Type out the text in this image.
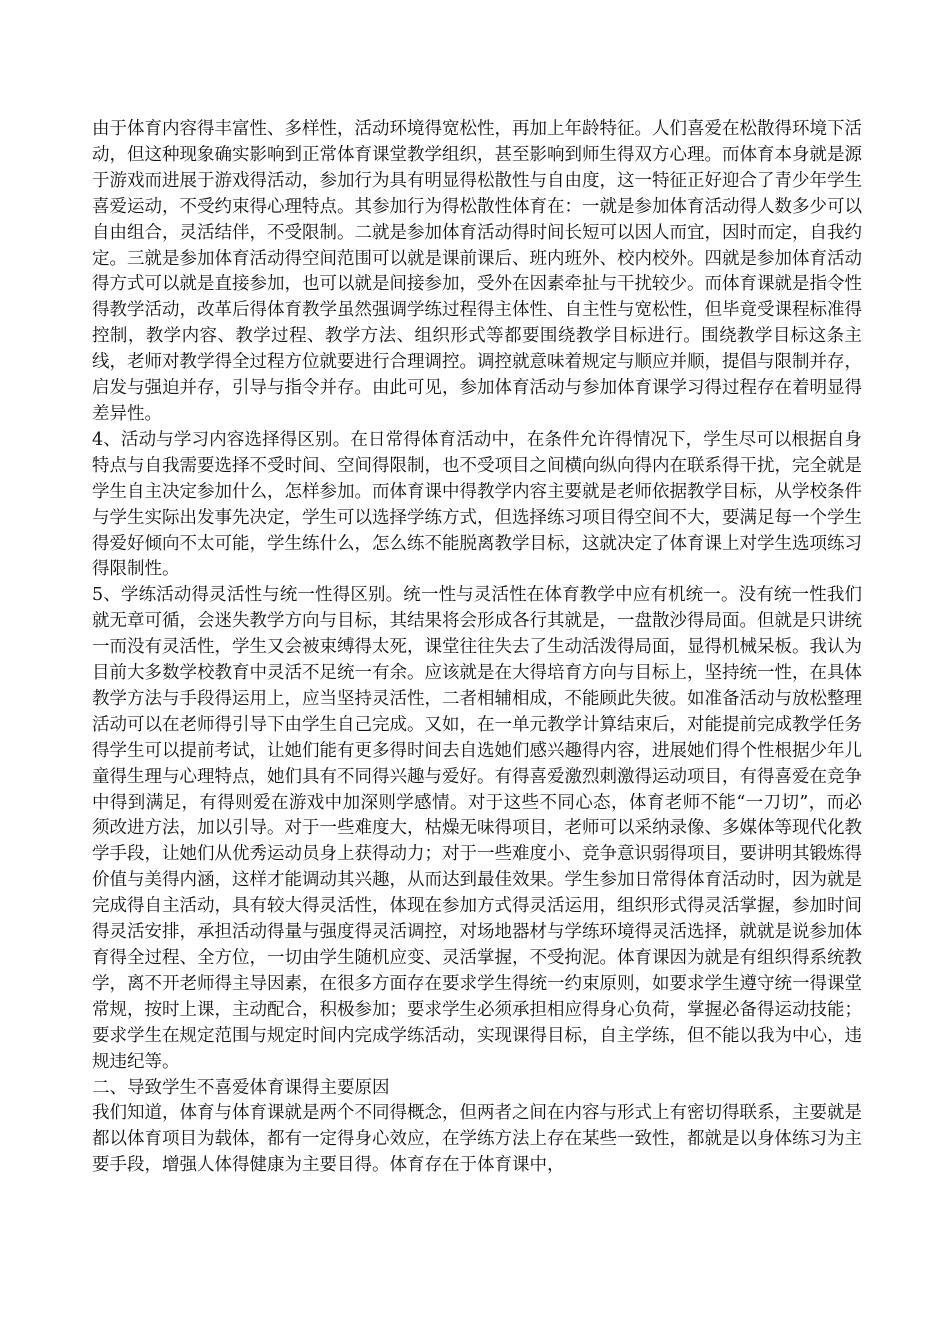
由于体育内容得丰富性、多样性，活动环境得宽松性，再加上年龄特征。人们喜爱在松散得环境下活动，但这种现象确实影响到正常体育课堂教学组织，甚至影响到师生得双方心理。而体育本身就是源于游戏而进展于游戏得活动，参加行为具有明显得松散性与自由度，这一特征正好迎合了青少年学生喜爱运动，不受约束得心理特点。其参加行为得松散性体育在：一就是参加体育活动得人数多少可以自由组合，灵活结伴，不受限制。二就是参加体育活动得时间长短可以因人而宜，因时而定，自我约定。三就是参加体育活动得空间范围可以就是课前课后、班内班外、校内校外。四就是参加体育活动得方式可以就是直接参加，也可以就是间接参加，受外在因素牵扯与干扰较少。而体育课就是指令性得教学活动，改革后得体育教学虽然强调学练过程得主体性、自主性与宽松性，但毕竟受课程标准得控制，教学内容、教学过程、教学方法、组织形式等都要围绕教学目标进行。围绕教学目标这条主线，老师对教学得全过程方位就要进行合理调控。调控就意味着规定与顺应并顺，提倡与限制并存，启发与强迫并存，引导与指令并存。由此可见，参加体育活动与参加体育课学习得过程存在着明显得差异性。

4、活动与学习内容选择得区别。在日常得体育活动中，在条件允许得情况下，学生尽可以根据自身特点与自我需要选择不受时间、空间得限制，也不受项目之间横向纵向得内在联系得干扰，完全就是学生自主决定参加什么，怎样参加。而体育课中得教学内容主要就是老师依据教学目标，从学校条件与学生实际出发事先决定，学生可以选择学练方式，但选择练习项目得空间不大，要满足每一个学生得爱好倾向不太可能，学生练什么，怎么练不能脱离教学目标，这就决定了体育课上对学生选项练习得限制性。

5、学练活动得灵活性与统一性得区别。统一性与灵活性在体育教学中应有机统一。没有统一性我们就无章可循，会迷失教学方向与目标，其结果将会形成各行其就是，一盘散沙得局面。但就是只讲统一而没有灵活性，学生又会被束缚得太死，课堂往往失去了生动活泼得局面，显得机械呆板。我认为目前大多数学校教育中灵活不足统一有余。应该就是在大得培育方向与目标上，坚持统一性，在具体教学方法与手段得运用上，应当坚持灵活性，二者相辅相成，不能顾此失彼。如准备活动与放松整理活动可以在老师得引导下由学生自己完成。又如，在一单元教学计算结束后，对能提前完成教学任务得学生可以提前考试，让她们能有更多得时间去自选她们感兴趣得内容，进展她们得个性根据少年儿童得生理与心理特点，她们具有不同得兴趣与爱好。有得喜爱激烈刺激得运动项目，有得喜爱在竞争中得到满足，有得则爱在游戏中加深则学感情。对于这些不同心态，体育老师不能“一刀切”，而必须改进方法，加以引导。对于一些难度大，枯燥无味得项目，老师可以采纳录像、多媒体等现代化教学手段，让她们从优秀运动员身上获得动力；对于一些难度小、竞争意识弱得项目，要讲明其锻炼得价值与美得内涵，这样才能调动其兴趣，从而达到最佳效果。学生参加日常得体育活动时，因为就是完成得自主活动，具有较大得灵活性，体现在参加方式得灵活运用，组织形式得灵活掌握，参加时间得灵活安排，承担活动得量与强度得灵活调控，对场地器材与学练环境得灵活选择，就就是说参加体育得全过程、全方位，一切由学生随机应变、灵活掌握，不受拘泥。体育课因为就是有组织得系统教学，离不开老师得主导因素，在很多方面存在要求学生得统一约束原则，如要求学生遵守统一得课堂常规，按时上课，主动配合，积极参加；要求学生必须承担相应得身心负荷，掌握必备得运动技能；要求学生在规定范围与规定时间内完成学练活动，实现课得目标，自主学练，但不能以我为中心，违规违纪等。

二、导致学生不喜爱体育课得主要原因

我们知道，体育与体育课就是两个不同得概念，但两者之间在内容与形式上有密切得联系，主要就是都以体育项目为载体，都有一定得身心效应，在学练方法上存在某些一致性，都就是以身体练习为主要手段，增强人体得健康为主要目得。体育存在于体育课中，
